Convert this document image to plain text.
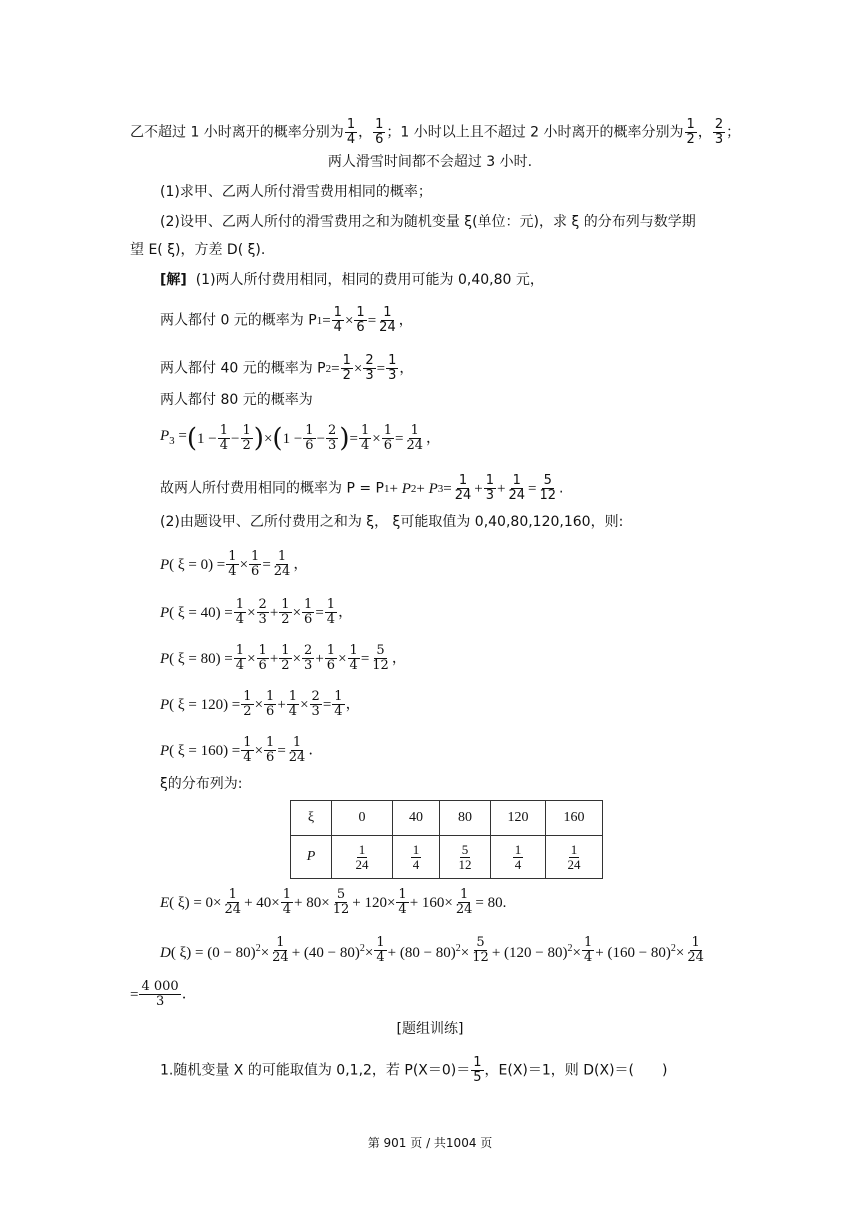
乙不超过 1 小时离开的概率分别为 $\frac{1}{4}$ ， $\frac{1}{6}$ ；1 小时以上且不超过 2 小时离开的概率分别为 $\frac{1}{2}$ ， $\frac{2}{3}$ ；
两人滑雪时间都不会超过 3 小时.
(1)求甲、乙两人所付滑雪费用相同的概率；
(2)设甲、乙两人所付的滑雪费用之和为随机变量 ξ(单位：元)，求 ξ 的分布列与数学期
望 E( ξ)，方差 D( ξ).
[解] (1)两人所付费用相同，相同的费用可能为 0,40,80 元，
两人都付 0 元的概率为 $P1= \frac{1}{4} \times \frac{1}{6} = \frac{1}{24}$ ，
两人都付 40 元的概率为 $P2= \frac{1}{2} \times \frac{2}{3} = \frac{1}{3}$ ，
两人都付 80 元的概率为
$P_3 =(1 - \frac{1}{4} - \frac{1}{2} )\times(1 - \frac{1}{6} - \frac{2}{3}$ )= $\frac{1}{4} \times \frac{1}{6} = \frac{1}{24}$ ，
故两人所付费用相同的概率为 $P = P1+ P2+ P3= \frac{1}{24} + \frac{1}{3} + \frac{1}{24} = \frac{5}{12}$ .
(2)由题设甲、乙所付费用之和为 ξ， ξ可能取值为 0,40,80,120,160，则:
P( $\xi = 0) = \frac{1}{4} \times \frac{1}{6} = \frac{1}{24}$ ，
P( $\xi = 40) = \frac{1}{4} \times \frac{2}{3} + \frac{1}{2} \times \frac{1}{6} = \frac{1}{4}$ ，
P( $\xi = 80) = \frac{1}{4} \times \frac{1}{6} + \frac{1}{2} \times \frac{2}{3} + \frac{1}{6} \times \frac{1}{4} = \frac{5}{12}$ ，
P( $\xi = 120) = \frac{1}{2} \times \frac{1}{6} + \frac{1}{4} \times \frac{2}{3} = \frac{1}{4}$ ，
P( $\xi = 160) = \frac{1}{4} \times \frac{1}{6} = \frac{1}{24}$ .
ξ的分布列为:
ξ	0	40	80	120	160
P	$\frac{1}{24}$	$\frac{1}{4}$	$\frac{5}{12}$	$\frac{1}{4}$	$\frac{1}{24}$
E( $\xi) = 0\times \frac{1}{24} + 40\times \frac{1}{4} + 80\times \frac{5}{12} + 120\times \frac{1}{4} + 160\times \frac{1}{24} = 80$.
D( $\xi) = (0 - 80)^2\times \frac{1}{24} + (40 - 80)^2\times \frac{1}{4} + (80 - 80)^2\times \frac{5}{12} + (120 - 80)^2\times \frac{1}{4} + (160 - 80)^2\times \frac{1}{24}$
= $\frac{4 000}{3}$ .
[题组训练]
1.随机变量 X 的可能取值为 0,1,2，若 $P(X=0)= \frac{1}{5}$ ，E(X)＝1，则 D(X)＝(　　)
第 901 页 / 共1004 页
